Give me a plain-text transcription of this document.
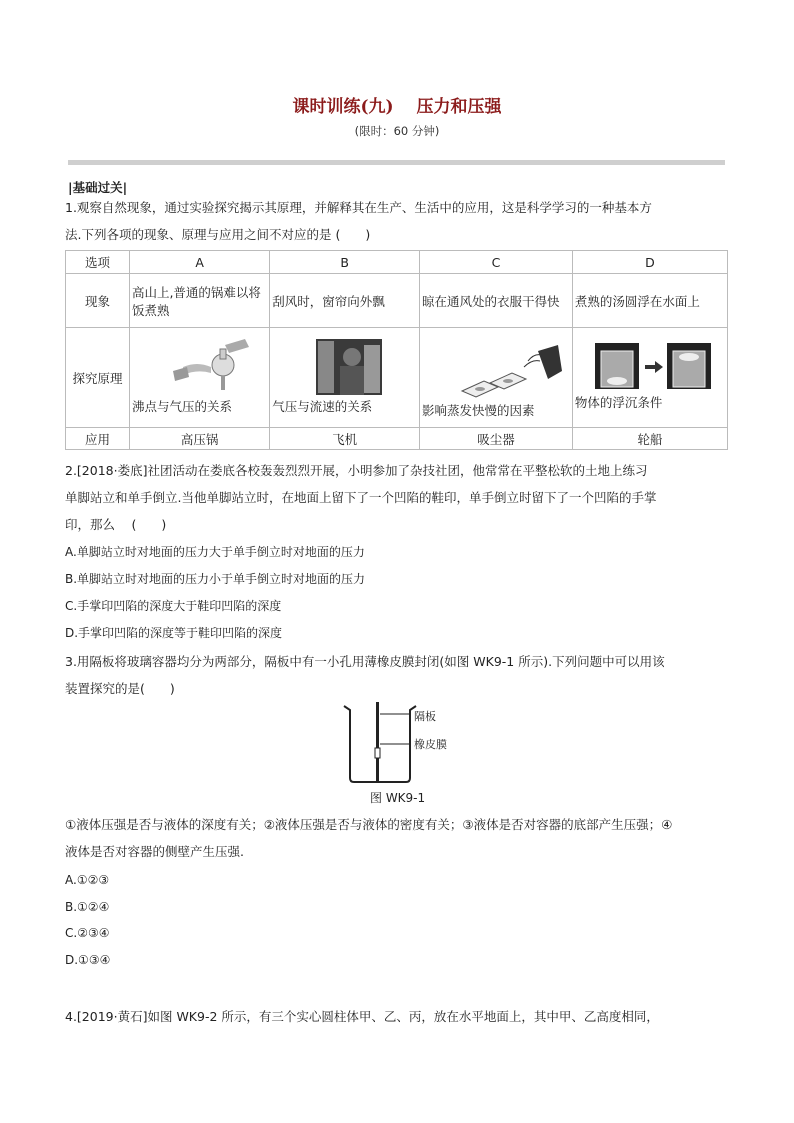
课时训练(九)　 压力和压强
(限时：60 分钟)
|基础过关|
1.观察自然现象，通过实验探究揭示其原理，并解释其在生产、生活中的应用，这是科学学习的一种基本方
法.下列各项的现象、原理与应用之间不对应的是 (　　)
选项	A	B	C	D
现象	高山上,普通的锅难以将饭煮熟	刮风时，窗帘向外飘	晾在通风处的衣服干得快	煮熟的汤圆浮在水面上
探究原理	沸点与气压的关系	气压与流速的关系	影响蒸发快慢的因素	物体的浮沉条件
应用	高压锅	飞机	吸尘器	轮船
2.[2018·娄底]社团活动在娄底各校轰轰烈烈开展，小明参加了杂技社团，他常常在平整松软的土地上练习
单脚站立和单手倒立.当他单脚站立时，在地面上留下了一个凹陷的鞋印，单手倒立时留下了一个凹陷的手掌
印，那么　 (　　)
A.单脚站立时对地面的压力大于单手倒立时对地面的压力
B.单脚站立时对地面的压力小于单手倒立时对地面的压力
C.手掌印凹陷的深度大于鞋印凹陷的深度
D.手掌印凹陷的深度等于鞋印凹陷的深度
3.用隔板将玻璃容器均分为两部分，隔板中有一小孔用薄橡皮膜封闭(如图 WK9-1 所示).下列问题中可以用该
装置探究的是(　　)
隔板
橡皮膜
图 WK9-1
①液体压强是否与液体的深度有关；②液体压强是否与液体的密度有关；③液体是否对容器的底部产生压强；④
液体是否对容器的侧壁产生压强.
A.①②③
B.①②④
C.②③④
D.①③④
4.[2019·黄石]如图 WK9-2 所示，有三个实心圆柱体甲、乙、丙，放在水平地面上，其中甲、乙高度相同，
